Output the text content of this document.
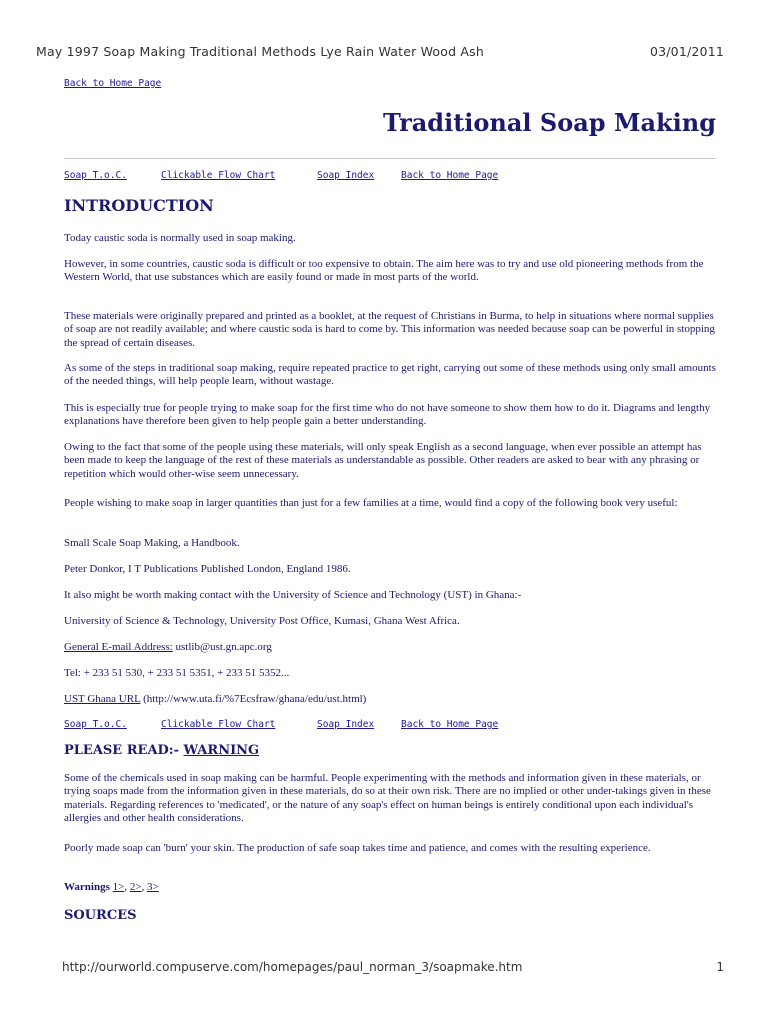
May 1997 Soap Making Traditional Methods Lye Rain Water Wood Ash	03/01/2011
Back to Home Page
Traditional Soap Making
Soap T.o.C.	Clickable Flow Chart	Soap Index	Back to Home Page
INTRODUCTION
Today caustic soda is normally used in soap making.
However, in some countries, caustic soda is difficult or too expensive to obtain. The aim here was to try and use old pioneering methods from the Western World, that use substances which are easily found or made in most parts of the world.
These materials were originally prepared and printed as a booklet, at the request of Christians in Burma, to help in situations where normal supplies of soap are not readily available; and where caustic soda is hard to come by. This information was needed because soap can be powerful in stopping the spread of certain diseases.
As some of the steps in traditional soap making, require repeated practice to get right, carrying out some of these methods using only small amounts of the needed things, will help people learn, without wastage.
This is especially true for people trying to make soap for the first time who do not have someone to show them how to do it. Diagrams and lengthy explanations have therefore been given to help people gain a better understanding.
Owing to the fact that some of the people using these materials, will only speak English as a second language, when ever possible an attempt has been made to keep the language of the rest of these materials as understandable as possible. Other readers are asked to bear with any phrasing or repetition which would other-wise seem unnecessary.
People wishing to make soap in larger quantities than just for a few families at a time, would find a copy of the following book very useful:
Small Scale Soap Making, a Handbook.
Peter Donkor, I T Publications Published London, England 1986.
It also might be worth making contact with the University of Science and Technology (UST) in Ghana:-
University of Science & Technology, University Post Office, Kumasi, Ghana West Africa.
General E-mail Address: ustlib@ust.gn.apc.org
Tel: + 233 51 530, + 233 51 5351, + 233 51 5352...
UST Ghana URL (http://www.uta.fi/%7Ecsfraw/ghana/edu/ust.html)
Soap T.o.C.	Clickable Flow Chart	Soap Index	Back to Home Page
PLEASE READ:- WARNING
Some of the chemicals used in soap making can be harmful. People experimenting with the methods and information given in these materials, or trying soaps made from the information given in these materials, do so at their own risk. There are no implied or other under-takings given in these materials. Regarding references to 'medicated', or the nature of any soap's effect on human beings is entirely conditional upon each individual's allergies and other health considerations.
Poorly made soap can 'burn' your skin. The production of safe soap takes time and patience, and comes with the resulting experience.
Warnings 1>, 2>, 3>
SOURCES
http://ourworld.compuserve.com/homepages/paul_norman_3/soapmake.htm	1
